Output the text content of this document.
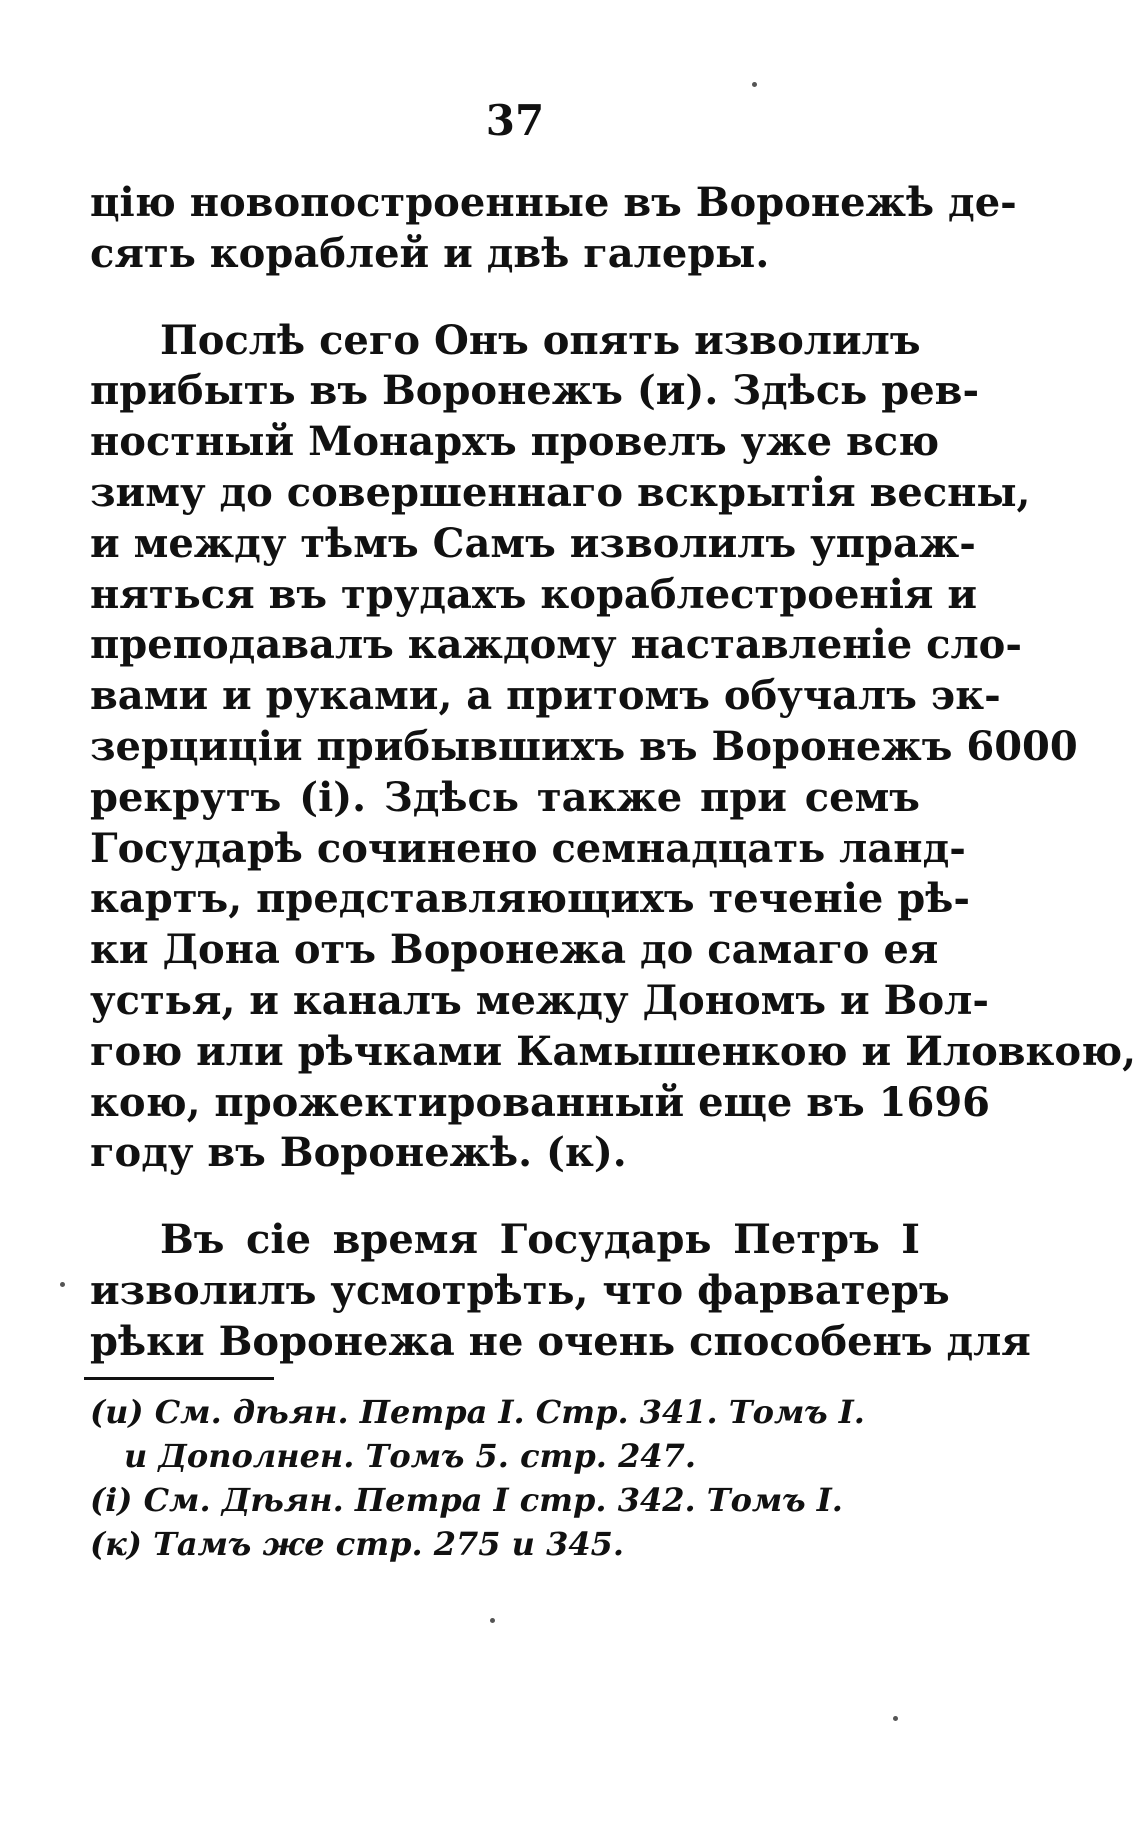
37
цію новопостроенные въ Воронежѣ де-
сять кораблей и двѣ галеры.
Послѣ сего Онъ опять изволилъ
прибыть въ Воронежъ (и). Здѣсь рев-
ностный Монархъ провелъ уже всю
зиму до совершеннаго вскрытія весны,
и между тѣмъ Самъ изволилъ упраж-
няться въ трудахъ кораблестроенія и
преподавалъ каждому наставленіе сло-
вами и руками, а притомъ обучалъ эк-
зерциціи прибывшихъ въ Воронежъ 6000
рекрутъ (і). Здѣсь также при семъ
Государѣ сочинено семнадцать ланд-
картъ, представляющихъ теченіе рѣ-
ки Дона отъ Воронежа до самаго ея
устья, и каналъ между Дономъ и Вол-
гою или рѣчками Камышенкою и Иловкою,
кою, прожектированный еще въ 1696
году въ Воронежѣ. (к).
Въ сіе время Государь Петръ I
изволилъ усмотрѣть, что фарватеръ
рѣки Воронежа не очень способенъ для
(и) См. дѣян. Петра I. Стр. 341. Томъ I.
и Дополнен. Томъ 5. стр. 247.
(і) См. Дѣян. Петра I стр. 342. Томъ I.
(к) Тамъ же стр. 275 и 345.
